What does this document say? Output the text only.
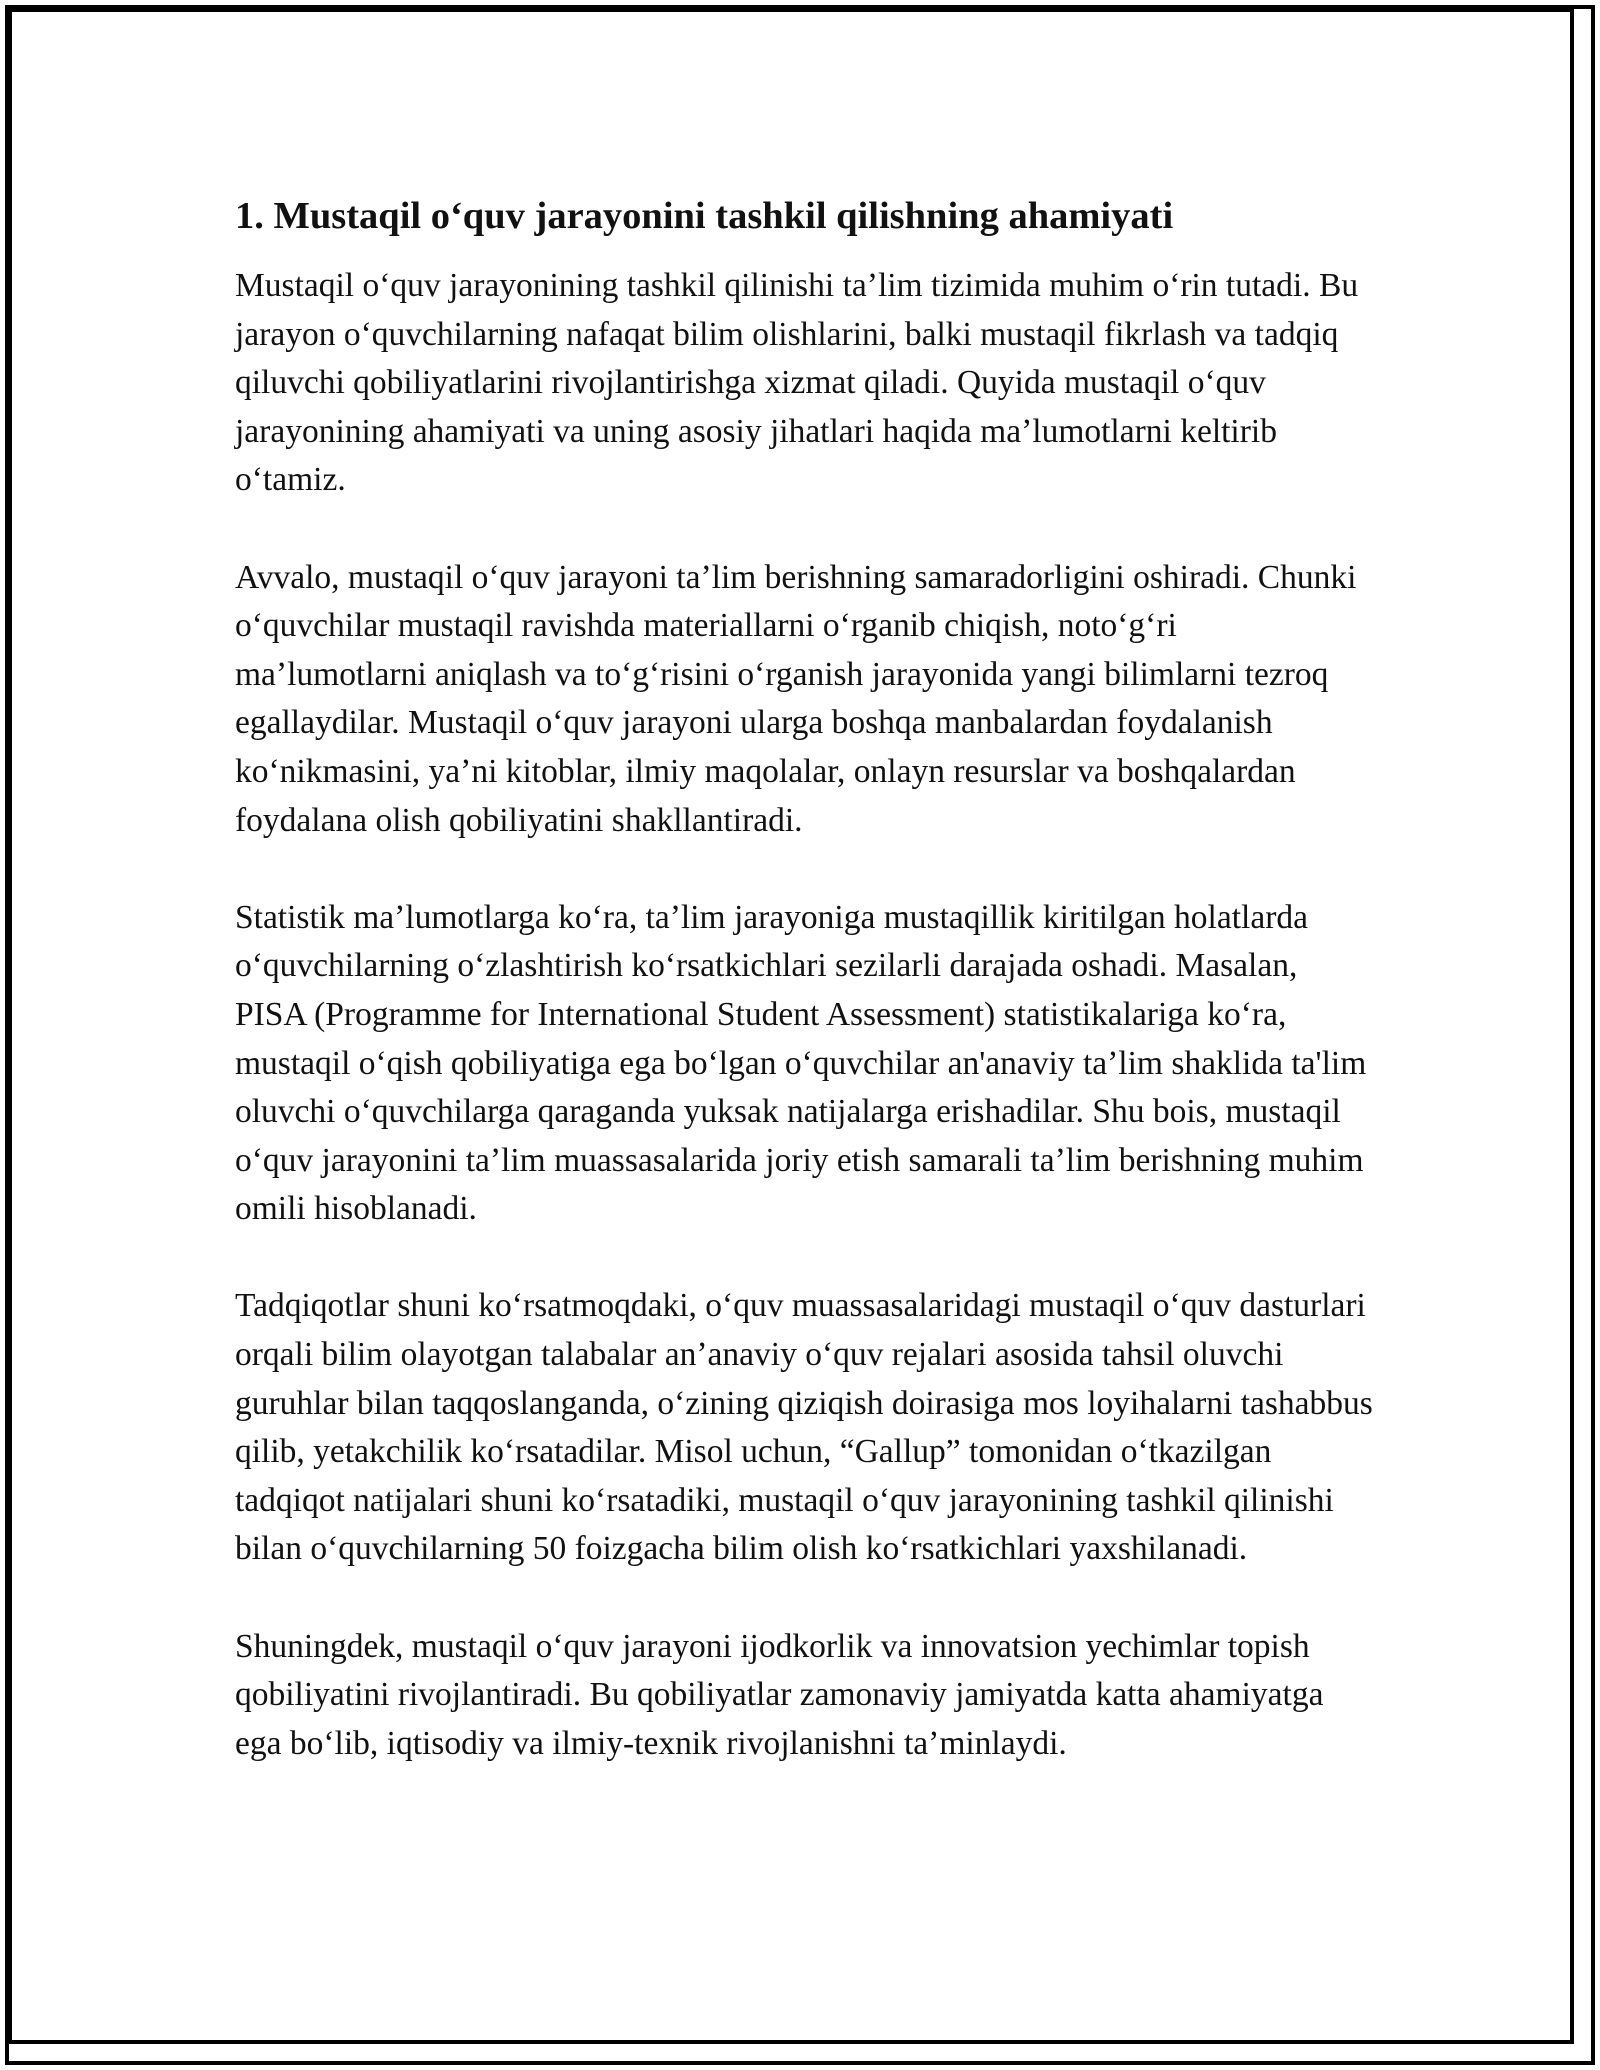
1. Mustaqil oʻquv jarayonini tashkil qilishning ahamiyati

Mustaqil oʻquv jarayonining tashkil qilinishi taʼlim tizimida muhim oʻrin tutadi. Bu jarayon oʻquvchilarning nafaqat bilim olishlarini, balki mustaqil fikrlash va tadqiq qiluvchi qobiliyatlarini rivojlantirishga xizmat qiladi. Quyida mustaqil oʻquv jarayonining ahamiyati va uning asosiy jihatlari haqida maʼlumotlarni keltirib oʻtamiz.

Avvalo, mustaqil oʻquv jarayoni taʼlim berishning samaradorligini oshiradi. Chunki oʻquvchilar mustaqil ravishda materiallarni oʻrganib chiqish, notoʻgʻri maʼlumotlarni aniqlash va toʻgʻrisini oʻrganish jarayonida yangi bilimlarni tezroq egallaydilar. Mustaqil oʻquv jarayoni ularga boshqa manbalardan foydalanish koʻnikmasini, yaʼni kitoblar, ilmiy maqolalar, onlayn resurslar va boshqalardan foydalana olish qobiliyatini shakllantiradi.

Statistik maʼlumotlarga koʻra, taʼlim jarayoniga mustaqillik kiritilgan holatlarda oʻquvchilarning oʻzlashtirish koʻrsatkichlari sezilarli darajada oshadi. Masalan, PISA (Programme for International Student Assessment) statistikalariga koʻra, mustaqil oʻqish qobiliyatiga ega boʻlgan oʻquvchilar an'anaviy taʼlim shaklida ta'lim oluvchi oʻquvchilarga qaraganda yuksak natijalarga erishadilar. Shu bois, mustaqil oʻquv jarayonini taʼlim muassasalarida joriy etish samarali taʼlim berishning muhim omili hisoblanadi.

Tadqiqotlar shuni koʻrsatmoqdaki, oʻquv muassasalaridagi mustaqil oʻquv dasturlari orqali bilim olayotgan talabalar anʼanaviy oʻquv rejalari asosida tahsil oluvchi guruhlar bilan taqqoslanganda, oʻzining qiziqish doirasiga mos loyihalarni tashabbus qilib, yetakchilik koʻrsatadilar. Misol uchun, “Gallup” tomonidan oʻtkazilgan tadqiqot natijalari shuni koʻrsatadiki, mustaqil oʻquv jarayonining tashkil qilinishi bilan oʻquvchilarning 50 foizgacha bilim olish koʻrsatkichlari yaxshilanadi.

Shuningdek, mustaqil oʻquv jarayoni ijodkorlik va innovatsion yechimlar topish qobiliyatini rivojlantiradi. Bu qobiliyatlar zamonaviy jamiyatda katta ahamiyatga ega boʻlib, iqtisodiy va ilmiy-texnik rivojlanishni taʼminlaydi.
